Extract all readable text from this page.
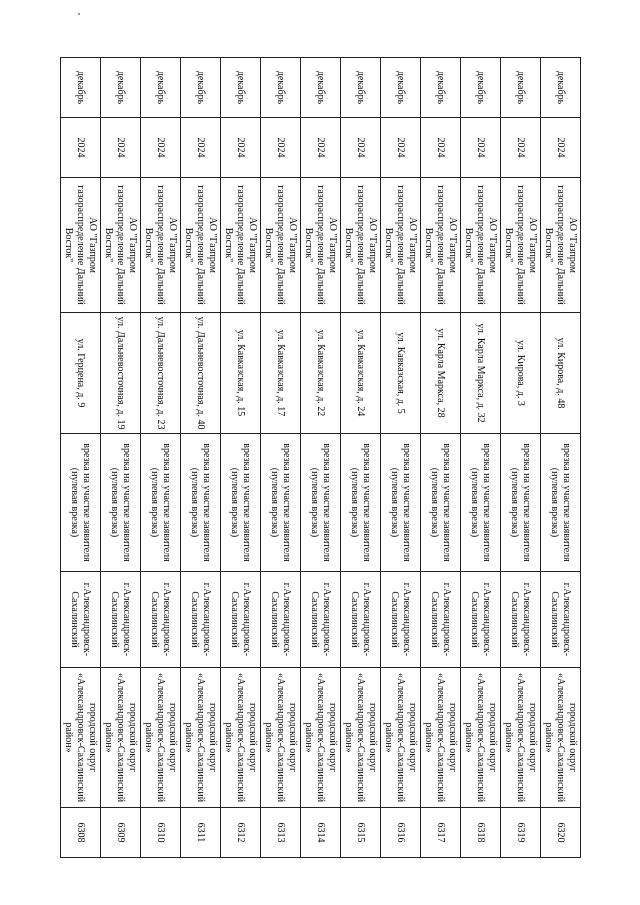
декабрь	2024	АО "Газпром газораспределение Дальний Восток"	ул. Кирова, д. 48	врезка на участке заявителя (нулевая врезка)	г.Александровск-Сахалинский	городской округ «Александровск-Сахалинский район»	6320
декабрь	2024	АО "Газпром газораспределение Дальний Восток"	ул. Кирова, д. 3	врезка на участке заявителя (нулевая врезка)	г.Александровск-Сахалинский	городской округ «Александровск-Сахалинский район»	6319
декабрь	2024	АО "Газпром газораспределение Дальний Восток"	ул. Карла Маркса, д. 32	врезка на участке заявителя (нулевая врезка)	г.Александровск-Сахалинский	городской округ «Александровск-Сахалинский район»	6318
декабрь	2024	АО "Газпром газораспределение Дальний Восток"	ул. Карла Маркса, 28	врезка на участке заявителя (нулевая врезка)	г.Александровск-Сахалинский	городской округ «Александровск-Сахалинский район»	6317
декабрь	2024	АО "Газпром газораспределение Дальний Восток"	ул. Кавказская, д. 5	врезка на участке заявителя (нулевая врезка)	г.Александровск-Сахалинский	городской округ «Александровск-Сахалинский район»	6316
декабрь	2024	АО "Газпром газораспределение Дальний Восток"	ул. Кавказская, д. 24	врезка на участке заявителя (нулевая врезка)	г.Александровск-Сахалинский	городской округ «Александровск-Сахалинский район»	6315
декабрь	2024	АО "Газпром газораспределение Дальний Восток"	ул. Кавказская, д. 22	врезка на участке заявителя (нулевая врезка)	г.Александровск-Сахалинский	городской округ «Александровск-Сахалинский район»	6314
декабрь	2024	АО "Газпром газораспределение Дальний Восток"	ул. Кавказская, д. 17	врезка на участке заявителя (нулевая врезка)	г.Александровск-Сахалинский	городской округ «Александровск-Сахалинский район»	6313
декабрь	2024	АО "Газпром газораспределение Дальний Восток"	ул. Кавказская, д. 15	врезка на участке заявителя (нулевая врезка)	г.Александровск-Сахалинский	городской округ «Александровск-Сахалинский район»	6312
декабрь	2024	АО "Газпром газораспределение Дальний Восток"	ул. Дальневосточная, д. 40	врезка на участке заявителя (нулевая врезка)	г.Александровск-Сахалинский	городской округ «Александровск-Сахалинский район»	6311
декабрь	2024	АО "Газпром газораспределение Дальний Восток"	ул. Дальневосточная, д. 23	врезка на участке заявителя (нулевая врезка)	г.Александровск-Сахалинский	городской округ «Александровск-Сахалинский район»	6310
декабрь	2024	АО "Газпром газораспределение Дальний Восток"	ул. Дальневосточная, д. 19	врезка на участке заявителя (нулевая врезка)	г.Александровск-Сахалинский	городской округ «Александровск-Сахалинский район»	6309
декабрь	2024	АО "Газпром газораспределение Дальний Восток"	ул. Герцена, д. 9	врезка на участке заявителя (нулевая врезка)	г.Александровск-Сахалинский	городской округ «Александровск-Сахалинский район»	6308
